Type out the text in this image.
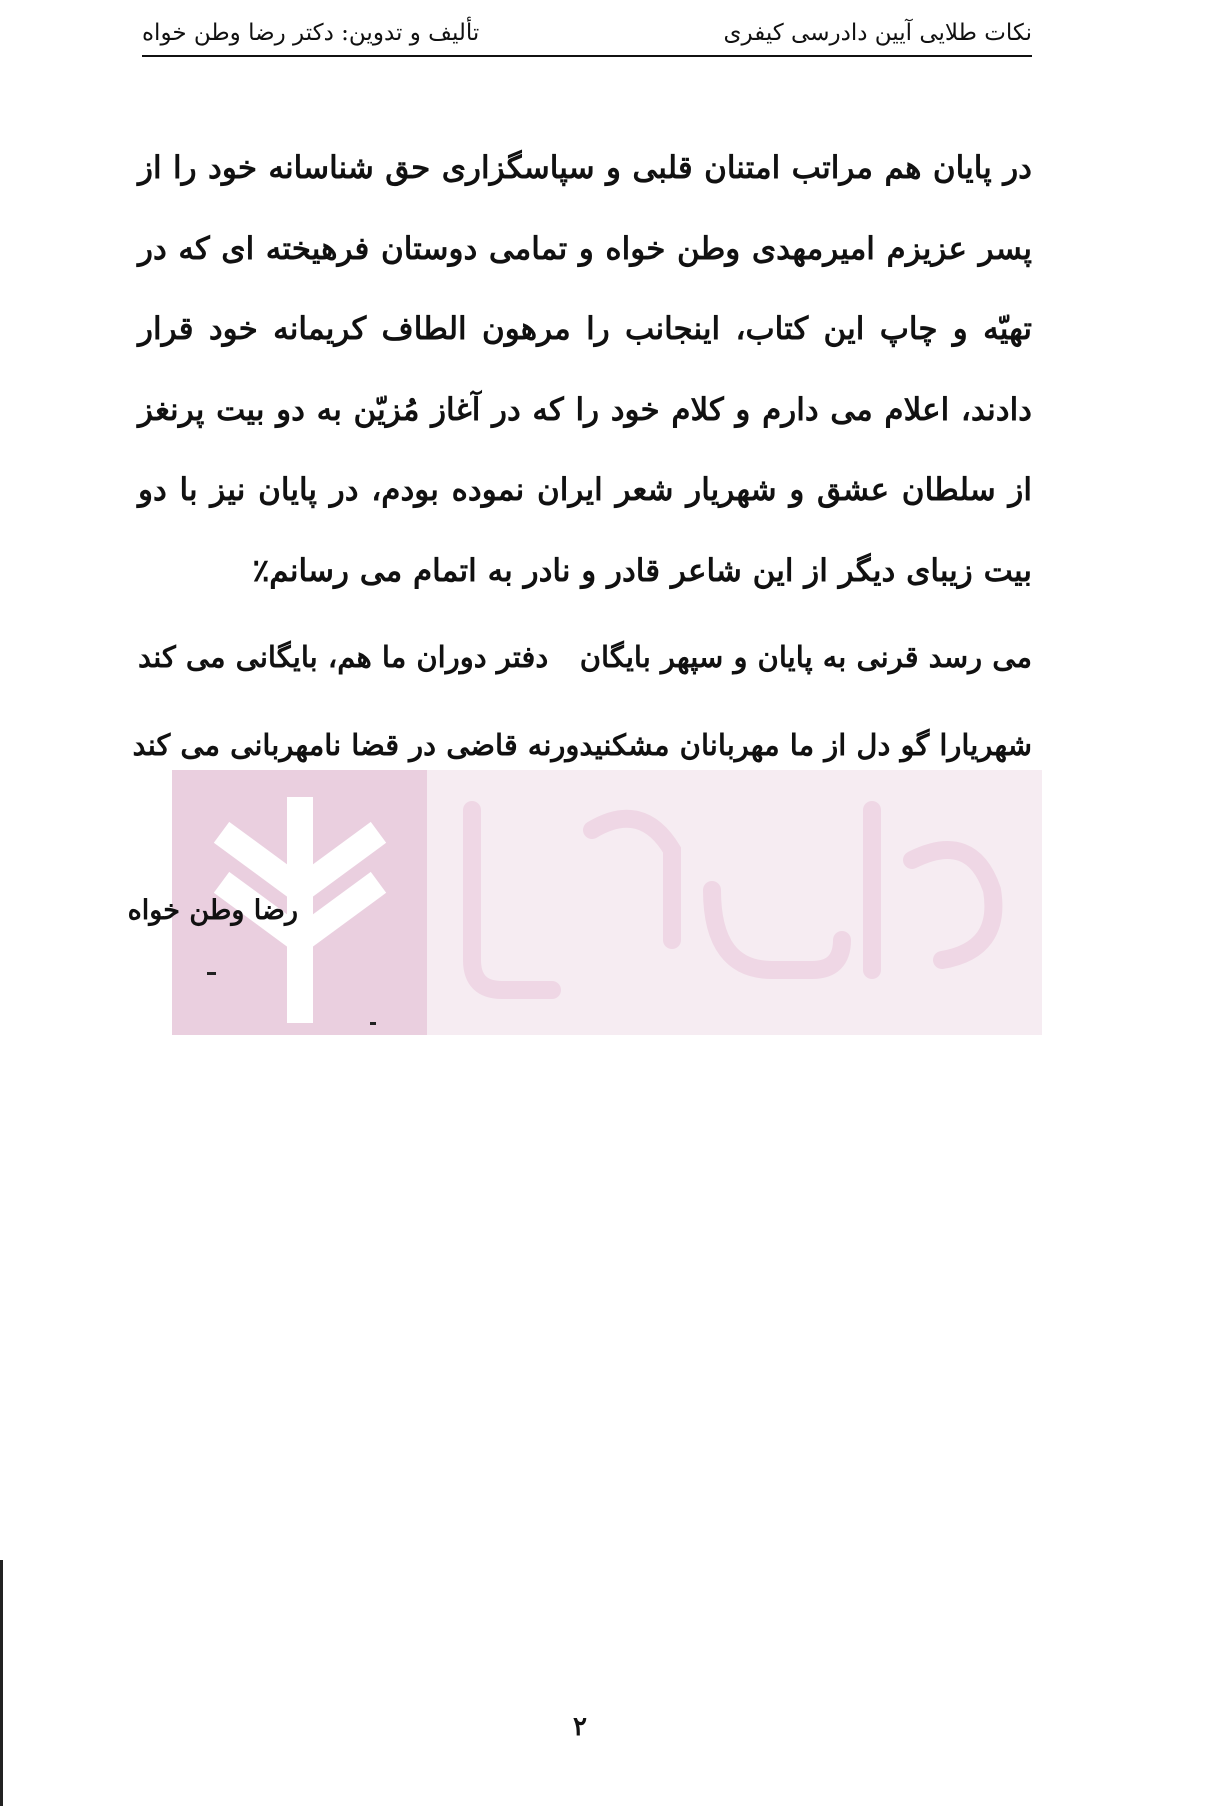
نکات طلایی آیین دادرسی کیفری
تألیف و تدوین: دکتر رضا وطن خواه
در پایان هم مراتب امتنان قلبی و سپاسگزاری حق شناسانه خود را از پسر عزیزم امیرمهدی وطن خواه و تمامی دوستان فرهیخته ای که در تهیّه و چاپ این کتاب، اینجانب را مرهون الطاف کریمانه خود قرار دادند، اعلام می دارم و کلام خود را که در آغاز مُزیّن به دو بیت پرنغز از سلطان عشق و شهریار شعر ایران نموده بودم، در پایان نیز با دو بیت زیبای دیگر از این شاعر قادر و نادر به اتمام می رسانم٪
می رسد قرنی به پایان و سپهر بایگان
دفتر دوران ما هم، بایگانی می کند
شهریارا گو دل از ما مهربانان مشکنید
ورنه قاضی در قضا نامهربانی می کند
رضا وطن خواه
۲
